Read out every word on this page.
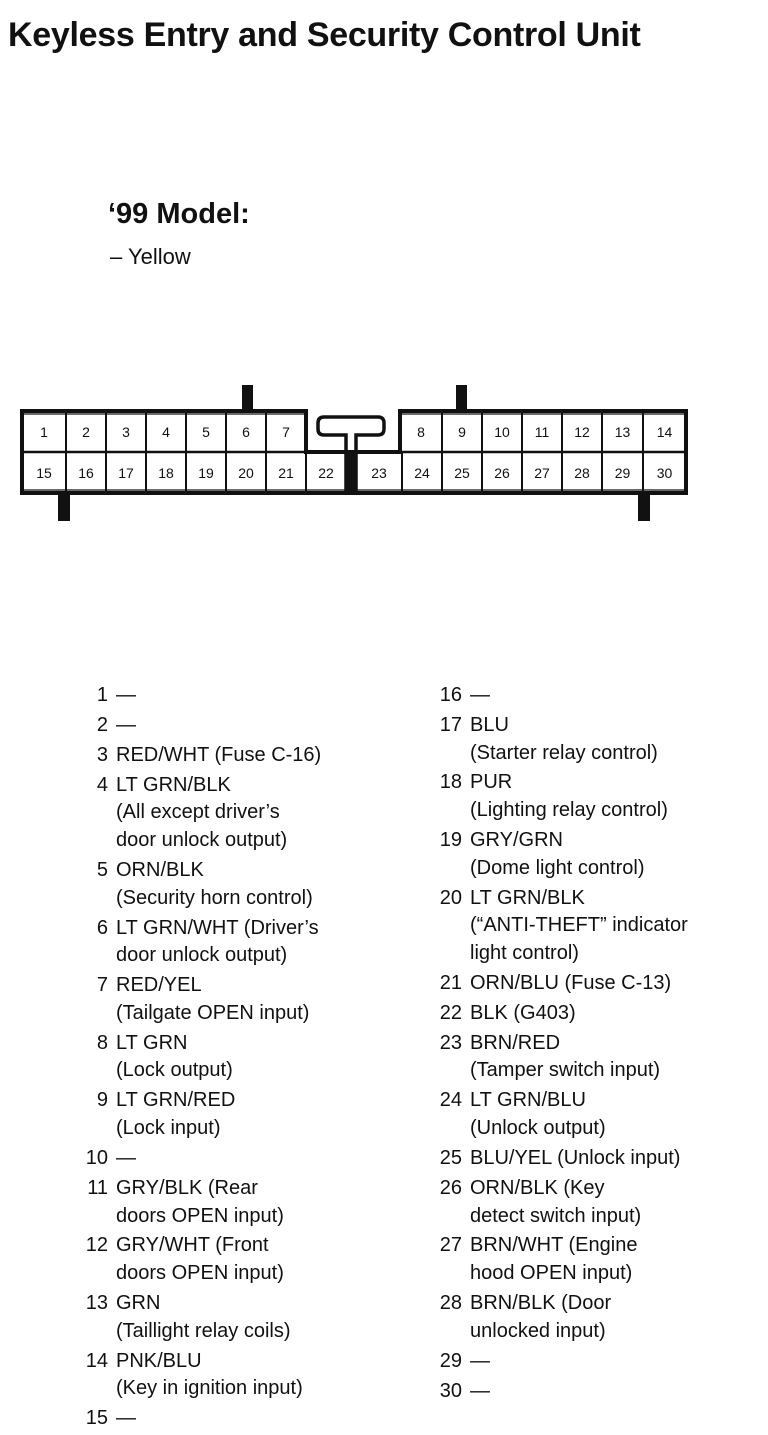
Keyless Entry and Security Control Unit
‘99 Model:
– Yellow
1 2 3 4 5 6 7	8 9 10 11 12 13 14
15 16 17 18 19 20 21 22	23 24 25 26 27 28 29 30
1 —
2 —
3 RED/WHT (Fuse C-16)
4 LT GRN/BLK
(All except driver’s
door unlock output)
5 ORN/BLK
(Security horn control)
6 LT GRN/WHT (Driver’s
door unlock output)
7 RED/YEL
(Tailgate OPEN input)
8 LT GRN
(Lock output)
9 LT GRN/RED
(Lock input)
10 —
11 GRY/BLK (Rear
doors OPEN input)
12 GRY/WHT (Front
doors OPEN input)
13 GRN
(Taillight relay coils)
14 PNK/BLU
(Key in ignition input)
15 —
16 —
17 BLU
(Starter relay control)
18 PUR
(Lighting relay control)
19 GRY/GRN
(Dome light control)
20 LT GRN/BLK
(“ANTI-THEFT” indicator
light control)
21 ORN/BLU (Fuse C-13)
22 BLK (G403)
23 BRN/RED
(Tamper switch input)
24 LT GRN/BLU
(Unlock output)
25 BLU/YEL (Unlock input)
26 ORN/BLK (Key
detect switch input)
27 BRN/WHT (Engine
hood OPEN input)
28 BRN/BLK (Door
unlocked input)
29 —
30 —
